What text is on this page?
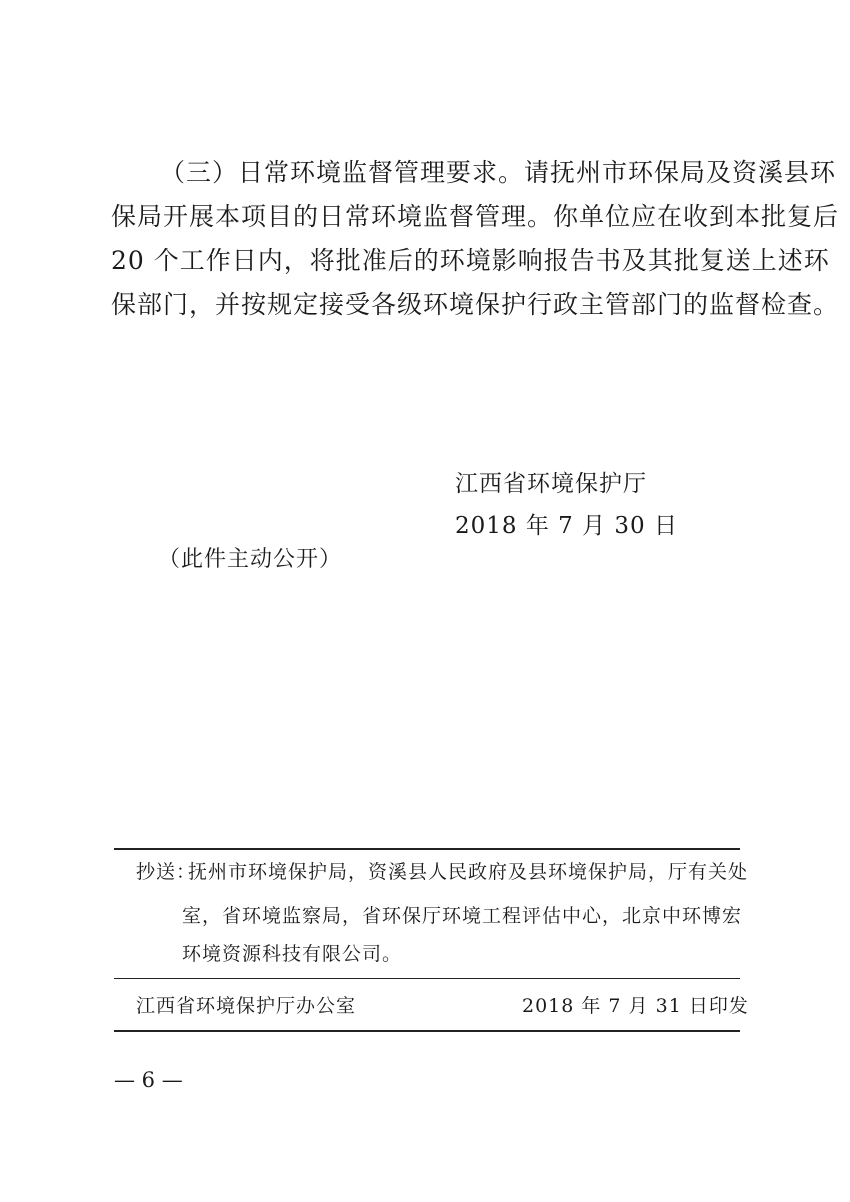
（三）日常环境监督管理要求。请抚州市环保局及资溪县环
保局开展本项目的日常环境监督管理。你单位应在收到本批复后
20 个工作日内，将批准后的环境影响报告书及其批复送上述环
保部门，并按规定接受各级环境保护行政主管部门的监督检查。
江西省环境保护厅
2018 年 7 月 30 日
（此件主动公开）
抄送：
抚州市环境保护局，资溪县人民政府及县环境保护局，厅有关处
室，省环境监察局，省环保厅环境工程评估中心，北京中环博宏
环境资源科技有限公司。
江西省环境保护厅办公室	2018 年 7 月 31 日印发
— 6 —
